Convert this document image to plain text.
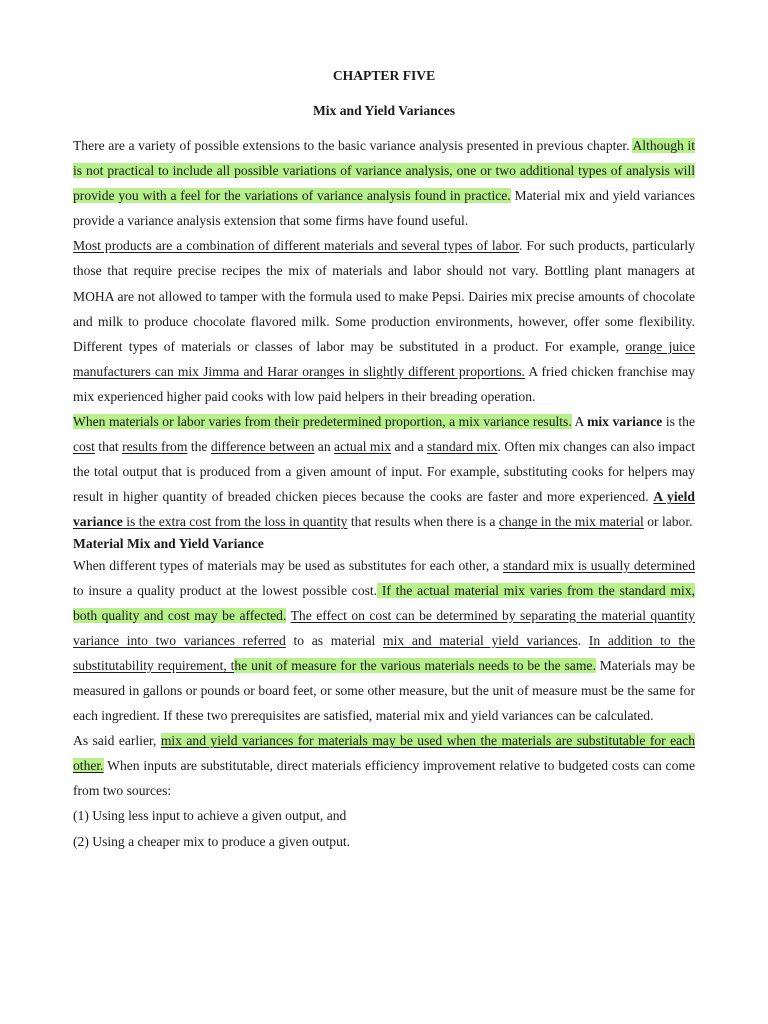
CHAPTER FIVE
Mix and Yield Variances

There are a variety of possible extensions to the basic variance analysis presented in previous chapter. Although it is not practical to include all possible variations of variance analysis, one or two additional types of analysis will provide you with a feel for the variations of variance analysis found in practice. Material mix and yield variances provide a variance analysis extension that some firms have found useful.

Most products are a combination of different materials and several types of labor. For such products, particularly those that require precise recipes the mix of materials and labor should not vary. Bottling plant managers at MOHA are not allowed to tamper with the formula used to make Pepsi. Dairies mix precise amounts of chocolate and milk to produce chocolate flavored milk. Some production environments, however, offer some flexibility. Different types of materials or classes of labor may be substituted in a product. For example, orange juice manufacturers can mix Jimma and Harar oranges in slightly different proportions. A fried chicken franchise may mix experienced higher paid cooks with low paid helpers in their breading operation.

When materials or labor varies from their predetermined proportion, a mix variance results. A mix variance is the cost that results from the difference between an actual mix and a standard mix. Often mix changes can also impact the total output that is produced from a given amount of input. For example, substituting cooks for helpers may result in higher quantity of breaded chicken pieces because the cooks are faster and more experienced. A yield variance is the extra cost from the loss in quantity that results when there is a change in the mix material or labor.

Material Mix and Yield Variance

When different types of materials may be used as substitutes for each other, a standard mix is usually determined to insure a quality product at the lowest possible cost. If the actual material mix varies from the standard mix, both quality and cost may be affected. The effect on cost can be determined by separating the material quantity variance into two variances referred to as material mix and material yield variances. In addition to the substitutability requirement, the unit of measure for the various materials needs to be the same. Materials may be measured in gallons or pounds or board feet, or some other measure, but the unit of measure must be the same for each ingredient. If these two prerequisites are satisfied, material mix and yield variances can be calculated.

As said earlier, mix and yield variances for materials may be used when the materials are substitutable for each other. When inputs are substitutable, direct materials efficiency improvement relative to budgeted costs can come from two sources:

(1) Using less input to achieve a given output, and

(2) Using a cheaper mix to produce a given output.
